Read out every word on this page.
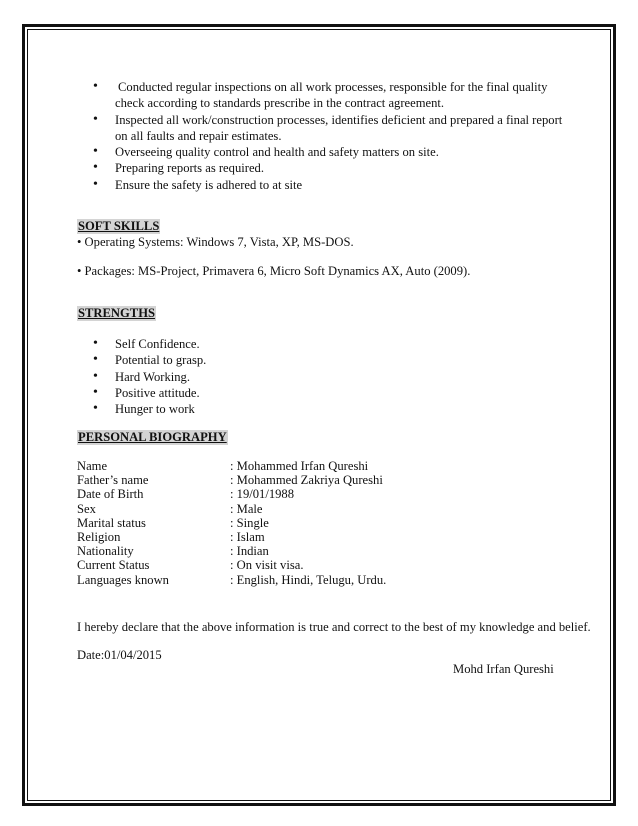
• Conducted regular inspections on all work processes, responsible for the final quality check according to standards prescribe in the contract agreement.
• Inspected all work/construction processes, identifies deficient and prepared a final report on all faults and repair estimates.
• Overseeing quality control and health and safety matters on site.
• Preparing reports as required.
• Ensure the safety is adhered to at site
SOFT SKILLS
• Operating Systems: Windows 7, Vista, XP, MS-DOS.
• Packages: MS-Project, Primavera 6, Micro Soft Dynamics AX, Auto (2009).
STRENGTHS
• Self Confidence.
• Potential to grasp.
• Hard Working.
• Positive attitude.
• Hunger to work
PERSONAL BIOGRAPHY
Name	: Mohammed Irfan Qureshi
Father’s name	: Mohammed Zakriya Qureshi
Date of Birth	: 19/01/1988
Sex	: Male
Marital status	: Single
Religion	: Islam
Nationality	: Indian
Current Status	: On visit visa.
Languages known	: English, Hindi, Telugu, Urdu.
I hereby declare that the above information is true and correct to the best of my knowledge and belief.
Date:01/04/2015
Mohd Irfan Qureshi
